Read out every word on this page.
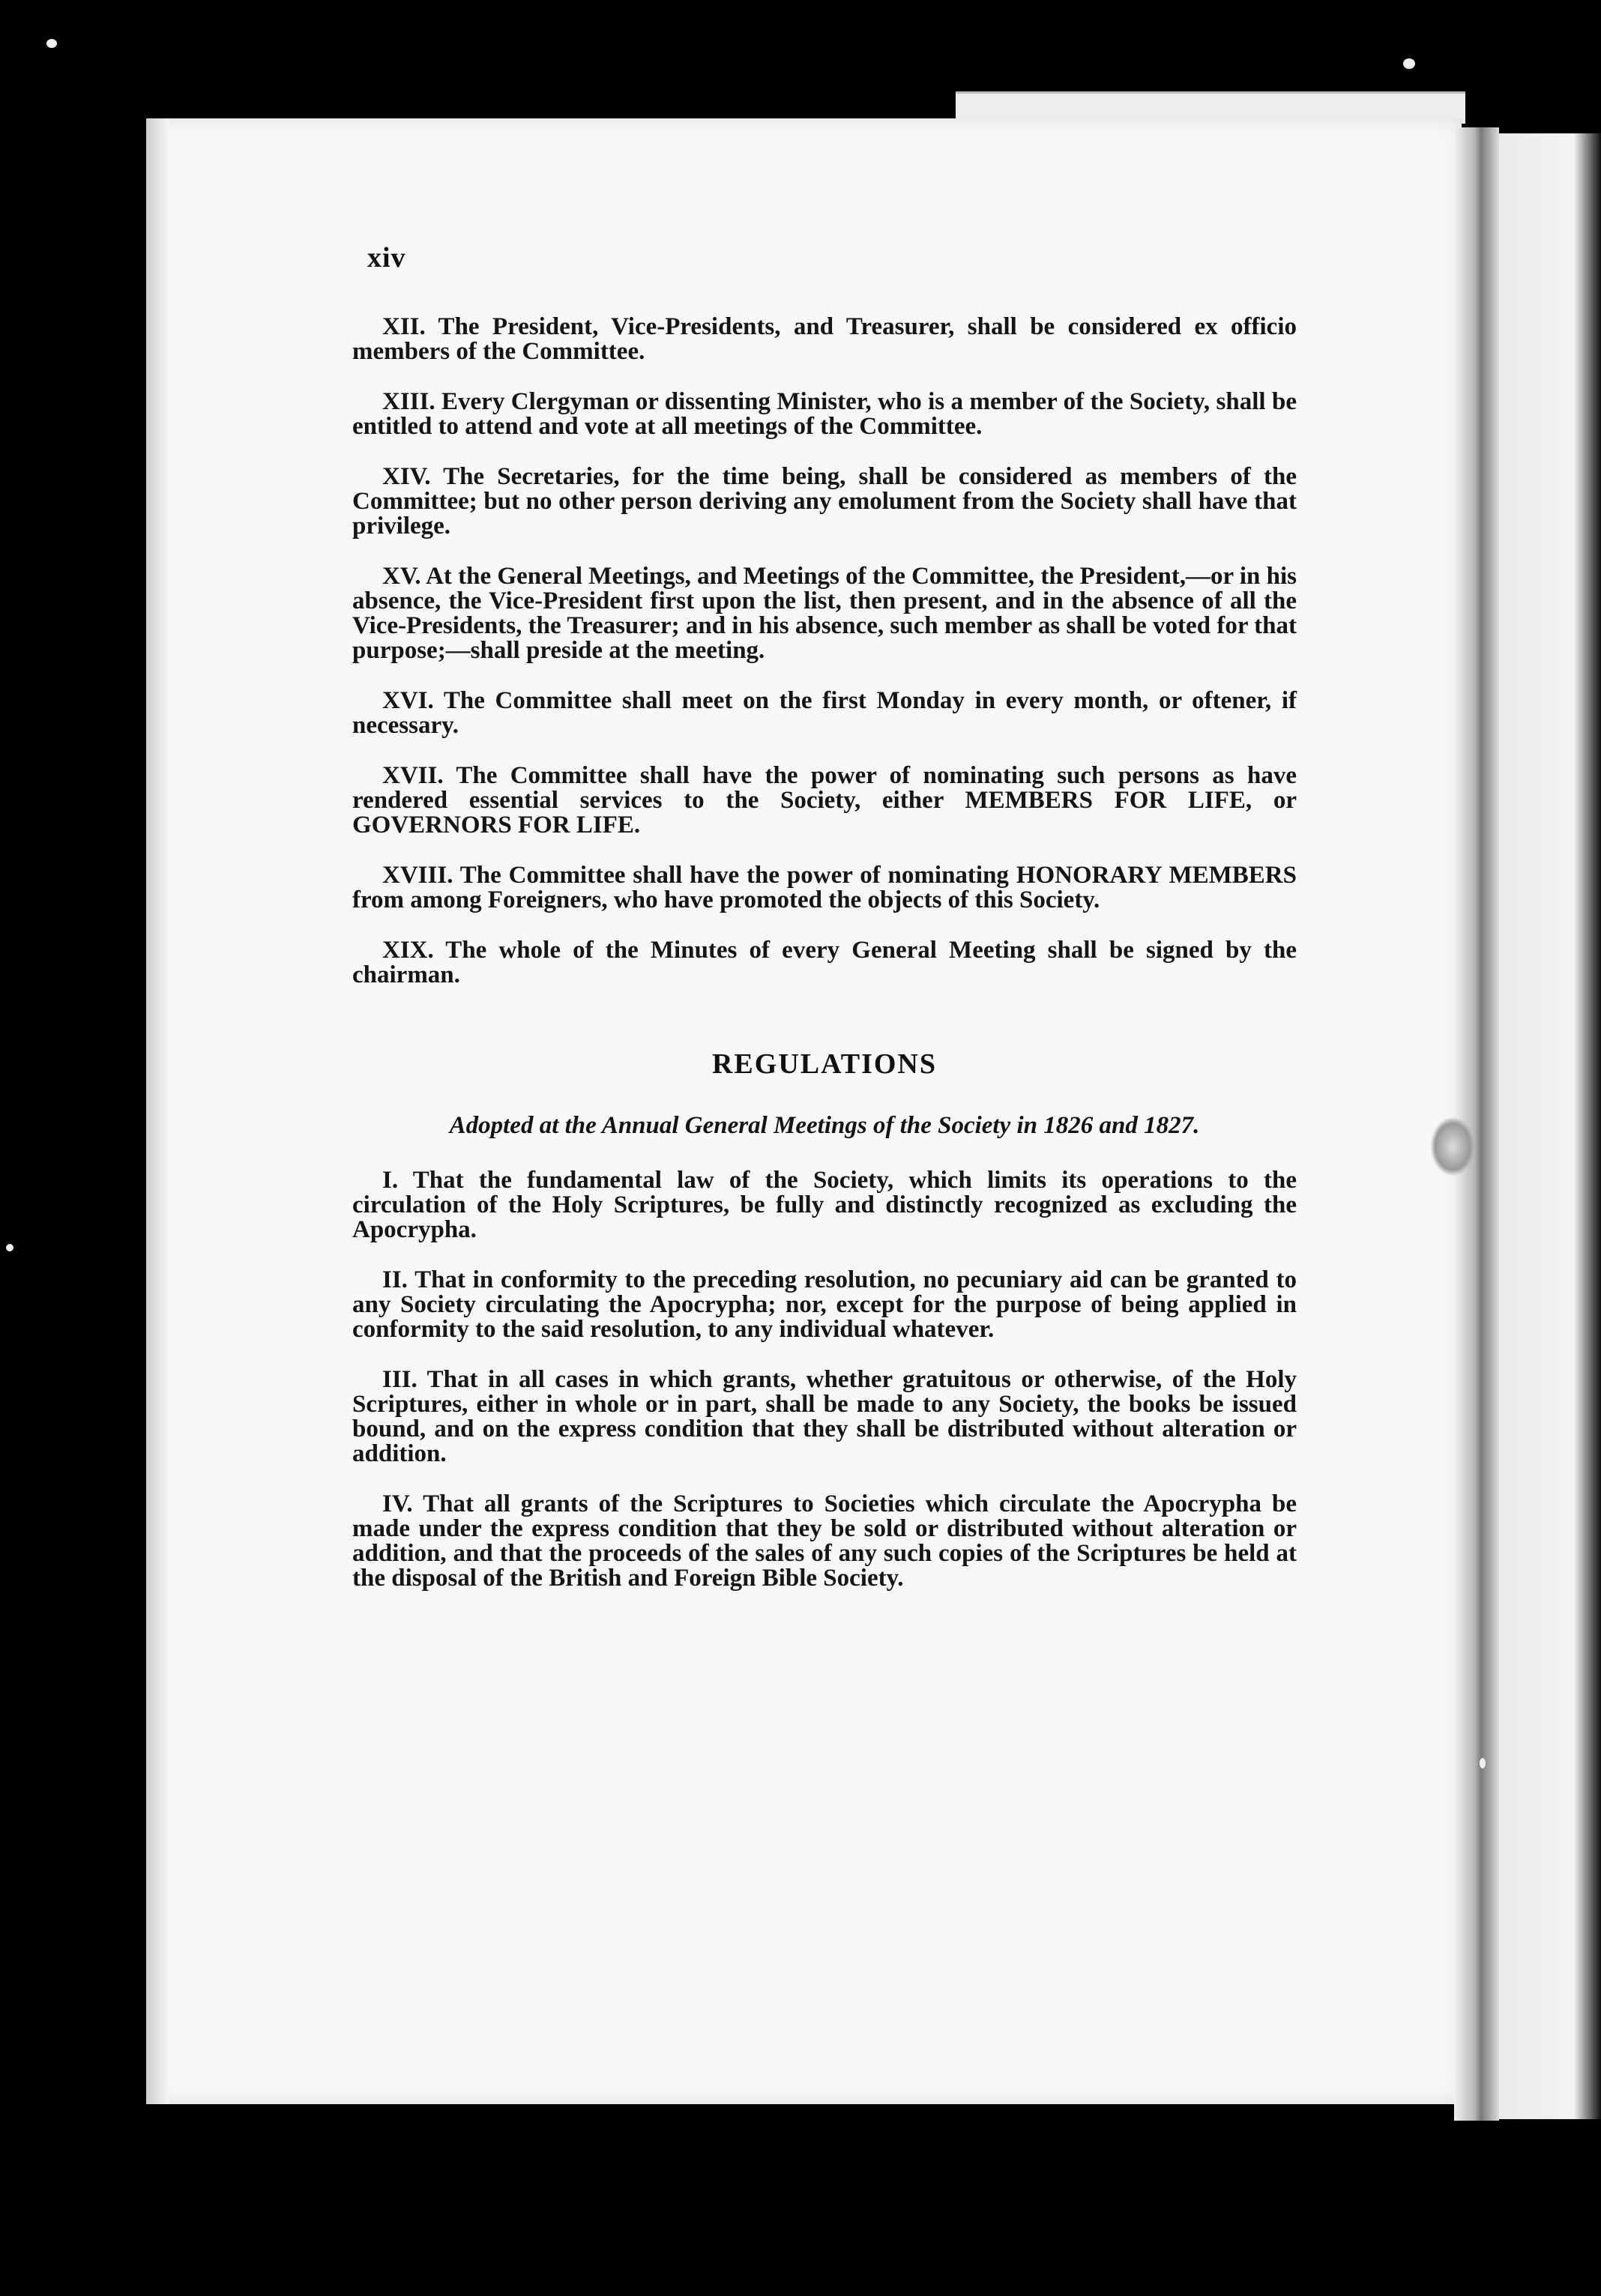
xiv

XII. The President, Vice-Presidents, and Treasurer, shall be considered ex officio members of the Committee.

XIII. Every Clergyman or dissenting Minister, who is a member of the Society, shall be entitled to attend and vote at all meetings of the Committee.

XIV. The Secretaries, for the time being, shall be considered as members of the Committee; but no other person deriving any emolument from the Society shall have that privilege.

XV. At the General Meetings, and Meetings of the Committee, the President,—or in his absence, the Vice-President first upon the list, then present, and in the absence of all the Vice-Presidents, the Treasurer; and in his absence, such member as shall be voted for that purpose;—shall preside at the meeting.

XVI. The Committee shall meet on the first Monday in every month, or oftener, if necessary.

XVII. The Committee shall have the power of nominating such persons as have rendered essential services to the Society, either MEMBERS FOR LIFE, or GOVERNORS FOR LIFE.

XVIII. The Committee shall have the power of nominating HONORARY MEMBERS from among Foreigners, who have promoted the objects of this Society.

XIX. The whole of the Minutes of every General Meeting shall be signed by the chairman.

REGULATIONS
Adopted at the Annual General Meetings of the Society in 1826 and 1827.

I. That the fundamental law of the Society, which limits its operations to the circulation of the Holy Scriptures, be fully and distinctly recognized as excluding the Apocrypha.

II. That in conformity to the preceding resolution, no pecuniary aid can be granted to any Society circulating the Apocrypha; nor, except for the purpose of being applied in conformity to the said resolution, to any individual whatever.

III. That in all cases in which grants, whether gratuitous or otherwise, of the Holy Scriptures, either in whole or in part, shall be made to any Society, the books be issued bound, and on the express condition that they shall be distributed without alteration or addition.

IV. That all grants of the Scriptures to Societies which circulate the Apocrypha be made under the express condition that they be sold or distributed without alteration or addition, and that the proceeds of the sales of any such copies of the Scriptures be held at the disposal of the British and Foreign Bible Society.
